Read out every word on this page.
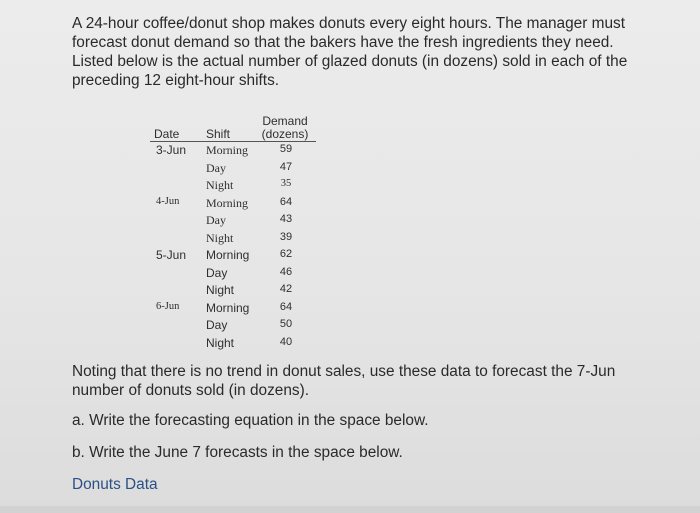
A 24-hour coffee/donut shop makes donuts every eight hours. The manager must forecast donut demand so that the bakers have the fresh ingredients they need. Listed below is the actual number of glazed donuts (in dozens) sold in each of the preceding 12 eight-hour shifts.
Demand
(dozens)
Date Shift
3-Jun Morning	59
Day	47
Night	35
4-Jun Morning	64
Day	43
Night	39
5-Jun Morning	62
Day	46
Night	42
6-Jun Morning	64
Day	50
Night	40
Noting that there is no trend in donut sales, use these data to forecast the 7-Jun number of donuts sold (in dozens).
a. Write the forecasting equation in the space below.
b. Write the June 7 forecasts in the space below.
Donuts Data
